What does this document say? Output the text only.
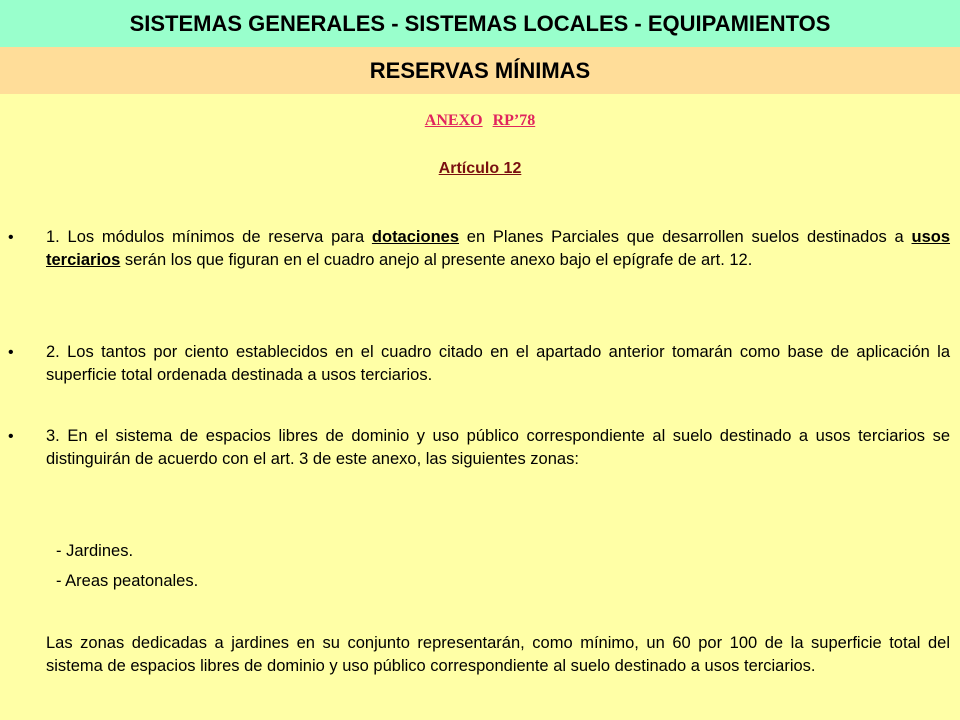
SISTEMAS GENERALES - SISTEMAS LOCALES - EQUIPAMIENTOS
RESERVAS MÍNIMAS
ANEXO RP’78
Artículo 12
• 1. Los módulos mínimos de reserva para dotaciones en Planes Parciales que desarrollen suelos destinados a usos terciarios serán los que figuran en el cuadro anejo al presente anexo bajo el epígrafe de art. 12.
• 2. Los tantos por ciento establecidos en el cuadro citado en el apartado anterior tomarán como base de aplicación la superficie total ordenada destinada a usos terciarios.
• 3. En el sistema de espacios libres de dominio y uso público correspondiente al suelo destinado a usos terciarios se distinguirán de acuerdo con el art. 3 de este anexo, las siguientes zonas:
- Jardines.
- Areas peatonales.
Las zonas dedicadas a jardines en su conjunto representarán, como mínimo, un 60 por 100 de la superficie total del sistema de espacios libres de dominio y uso público correspondiente al suelo destinado a usos terciarios.
